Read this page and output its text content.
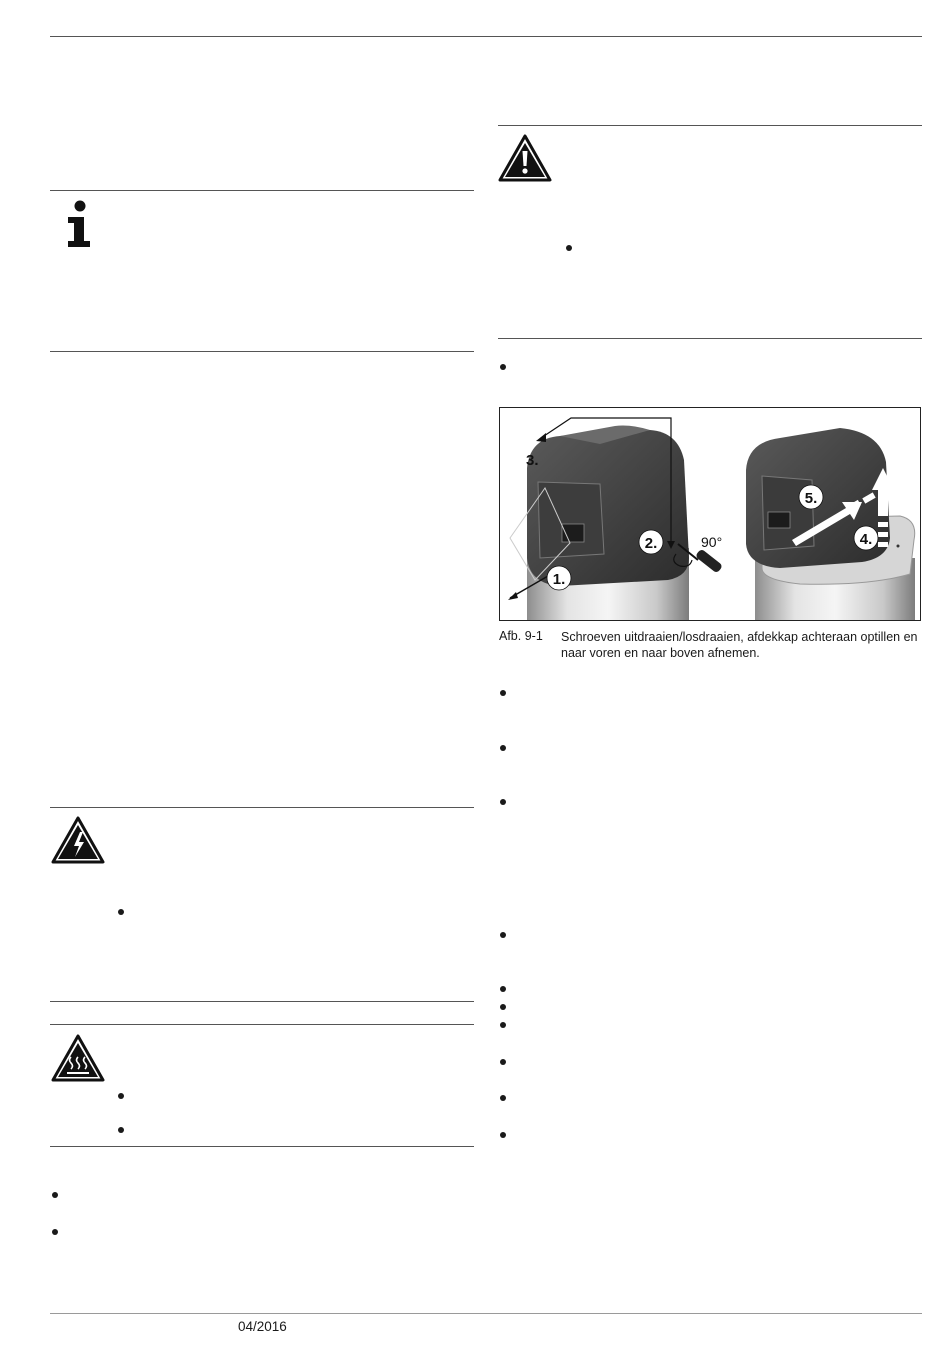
1.
2.
3.
4.
5.
90°
Afb. 9-1 Schroeven uitdraaien/losdraaien, afdekkap achteraan optillen en naar voren en naar boven afnemen.
04/2016
